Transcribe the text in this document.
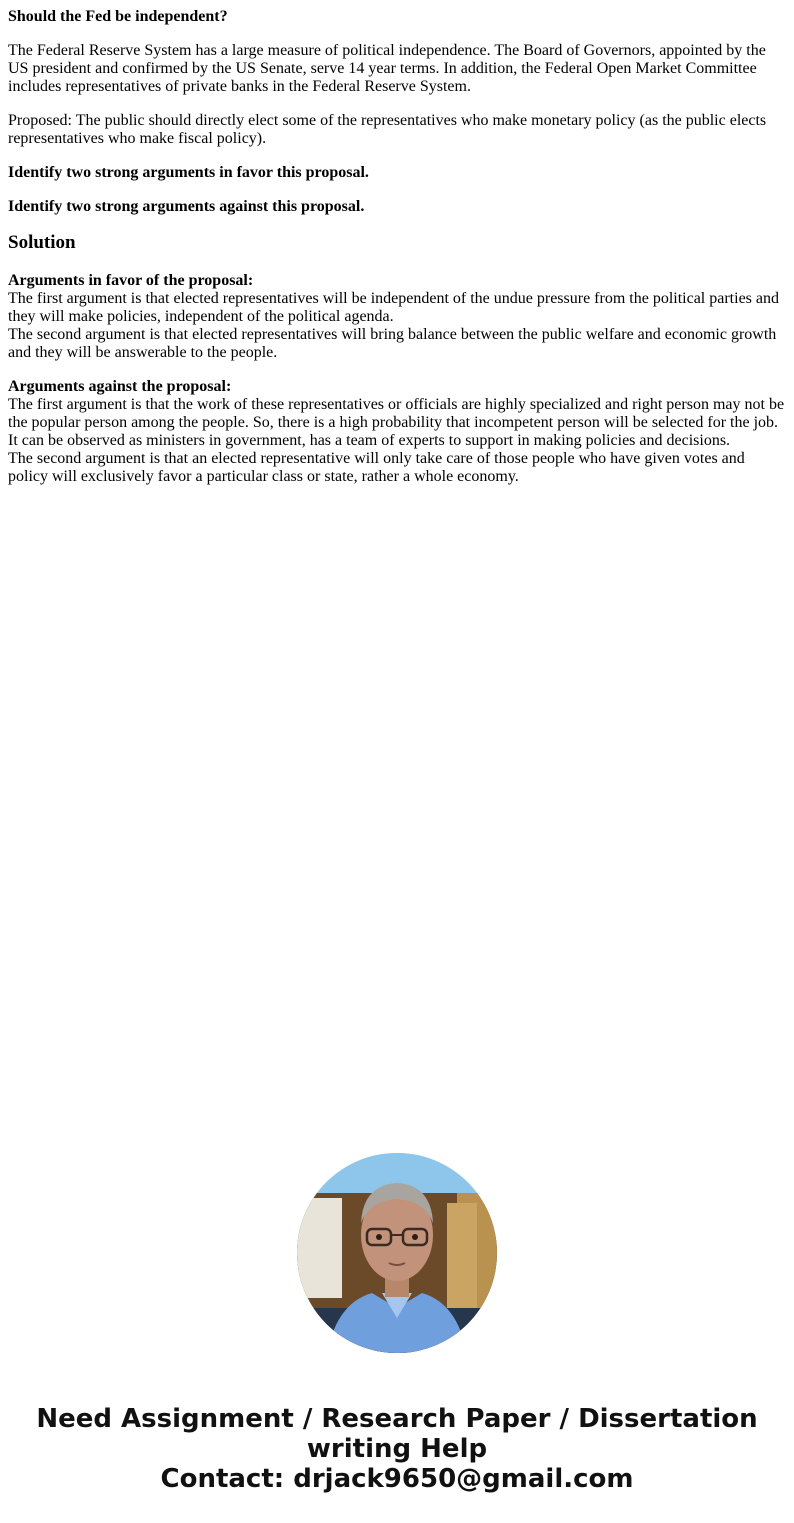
Should the Fed be independent?

The Federal Reserve System has a large measure of political independence. The Board of Governors, appointed by the US president and confirmed by the US Senate, serve 14 year terms. In addition, the Federal Open Market Committee includes representatives of private banks in the Federal Reserve System.

Proposed: The public should directly elect some of the representatives who make monetary policy (as the public elects representatives who make fiscal policy).

Identify two strong arguments in favor this proposal.

Identify two strong arguments against this proposal.

Solution
Arguments in favor of the proposal:
The first argument is that elected representatives will be independent of the undue pressure from the political parties and they will make policies, independent of the political agenda.
The second argument is that elected representatives will bring balance between the public welfare and economic growth and they will be answerable to the people.
Arguments against the proposal:
The first argument is that the work of these representatives or officials are highly specialized and right person may not be the popular person among the people. So, there is a high probability that incompetent person will be selected for the job. It can be observed as ministers in government, has a team of experts to support in making policies and decisions.
The second argument is that an elected representative will only take care of those people who have given votes and policy will exclusively favor a particular class or state, rather a whole economy.
Need Assignment / Research Paper / Dissertation
writing Help
Contact: drjack9650@gmail.com
